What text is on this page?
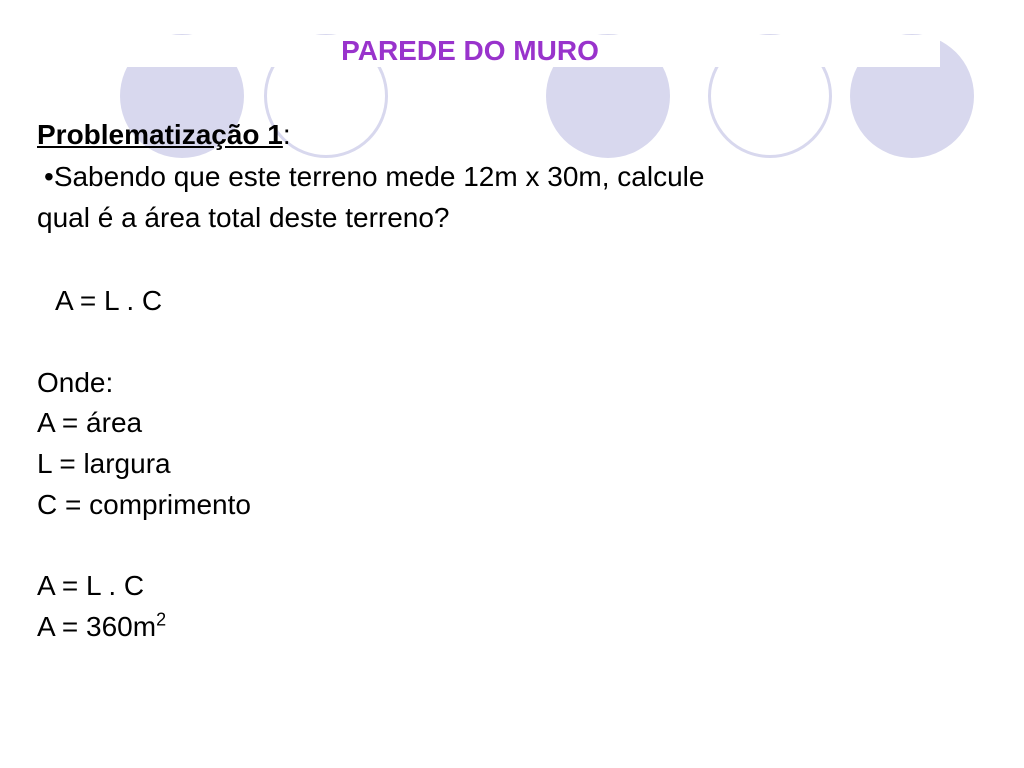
PAREDE DO MURO
Problematização 1:
•Sabendo que este terreno mede 12m x 30m, calcule
qual é a área total deste terreno?
A = L . C
Onde:
A = área
L = largura
C = comprimento
A = L . C
$A = 360m^2$
